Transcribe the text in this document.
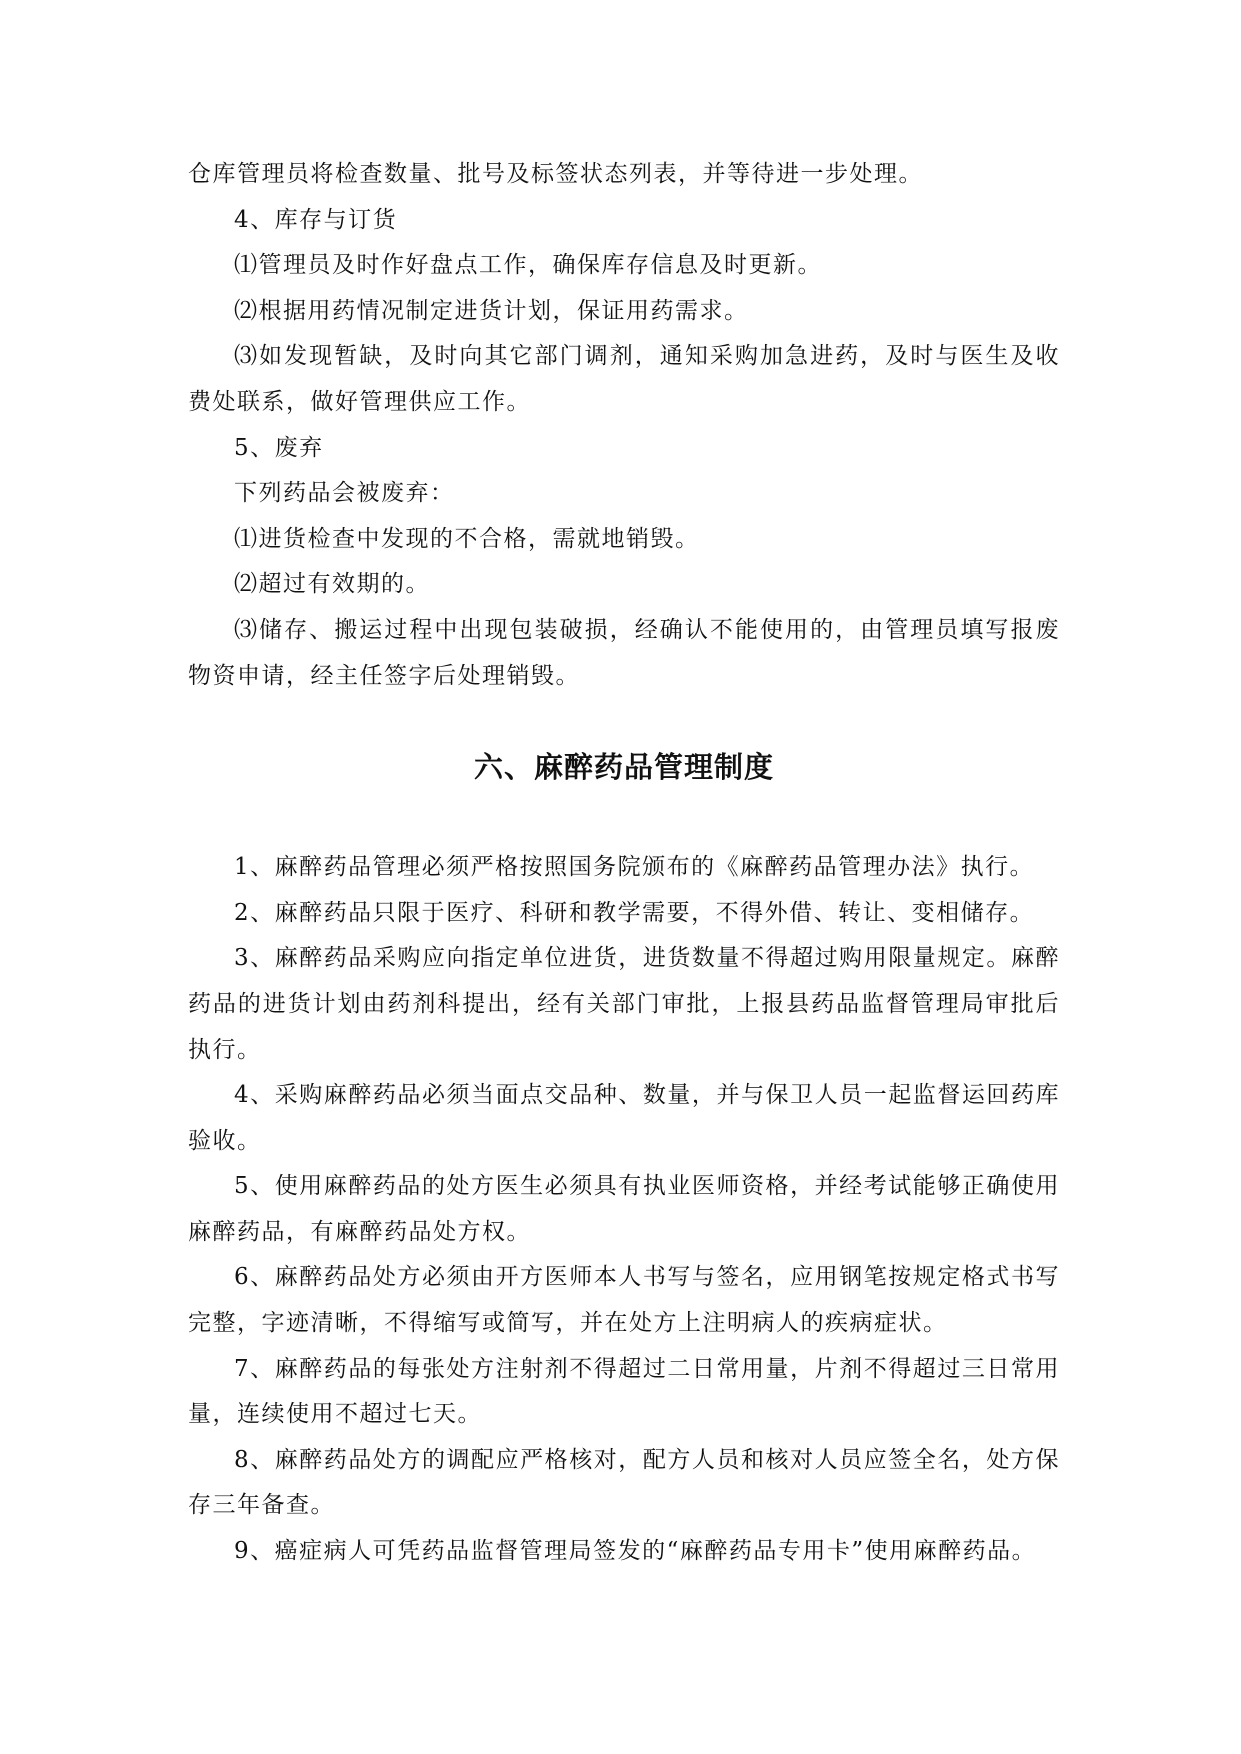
仓库管理员将检查数量、批号及标签状态列表，并等待进一步处理。

4、库存与订货

⑴管理员及时作好盘点工作，确保库存信息及时更新。

⑵根据用药情况制定进货计划，保证用药需求。

⑶如发现暂缺，及时向其它部门调剂，通知采购加急进药，及时与医生及收费处联系，做好管理供应工作。

5、废弃

下列药品会被废弃：

⑴进货检查中发现的不合格，需就地销毁。

⑵超过有效期的。

⑶储存、搬运过程中出现包装破损，经确认不能使用的，由管理员填写报废物资申请，经主任签字后处理销毁。

六、麻醉药品管理制度

1、麻醉药品管理必须严格按照国务院颁布的《麻醉药品管理办法》执行。

2、麻醉药品只限于医疗、科研和教学需要，不得外借、转让、变相储存。

3、麻醉药品采购应向指定单位进货，进货数量不得超过购用限量规定。麻醉药品的进货计划由药剂科提出，经有关部门审批，上报县药品监督管理局审批后执行。

4、采购麻醉药品必须当面点交品种、数量，并与保卫人员一起监督运回药库验收。

5、使用麻醉药品的处方医生必须具有执业医师资格，并经考试能够正确使用麻醉药品，有麻醉药品处方权。

6、麻醉药品处方必须由开方医师本人书写与签名，应用钢笔按规定格式书写完整，字迹清晰，不得缩写或简写，并在处方上注明病人的疾病症状。

7、麻醉药品的每张处方注射剂不得超过二日常用量，片剂不得超过三日常用量，连续使用不超过七天。

8、麻醉药品处方的调配应严格核对，配方人员和核对人员应签全名，处方保存三年备查。

9、癌症病人可凭药品监督管理局签发的“麻醉药品专用卡”使用麻醉药品。
